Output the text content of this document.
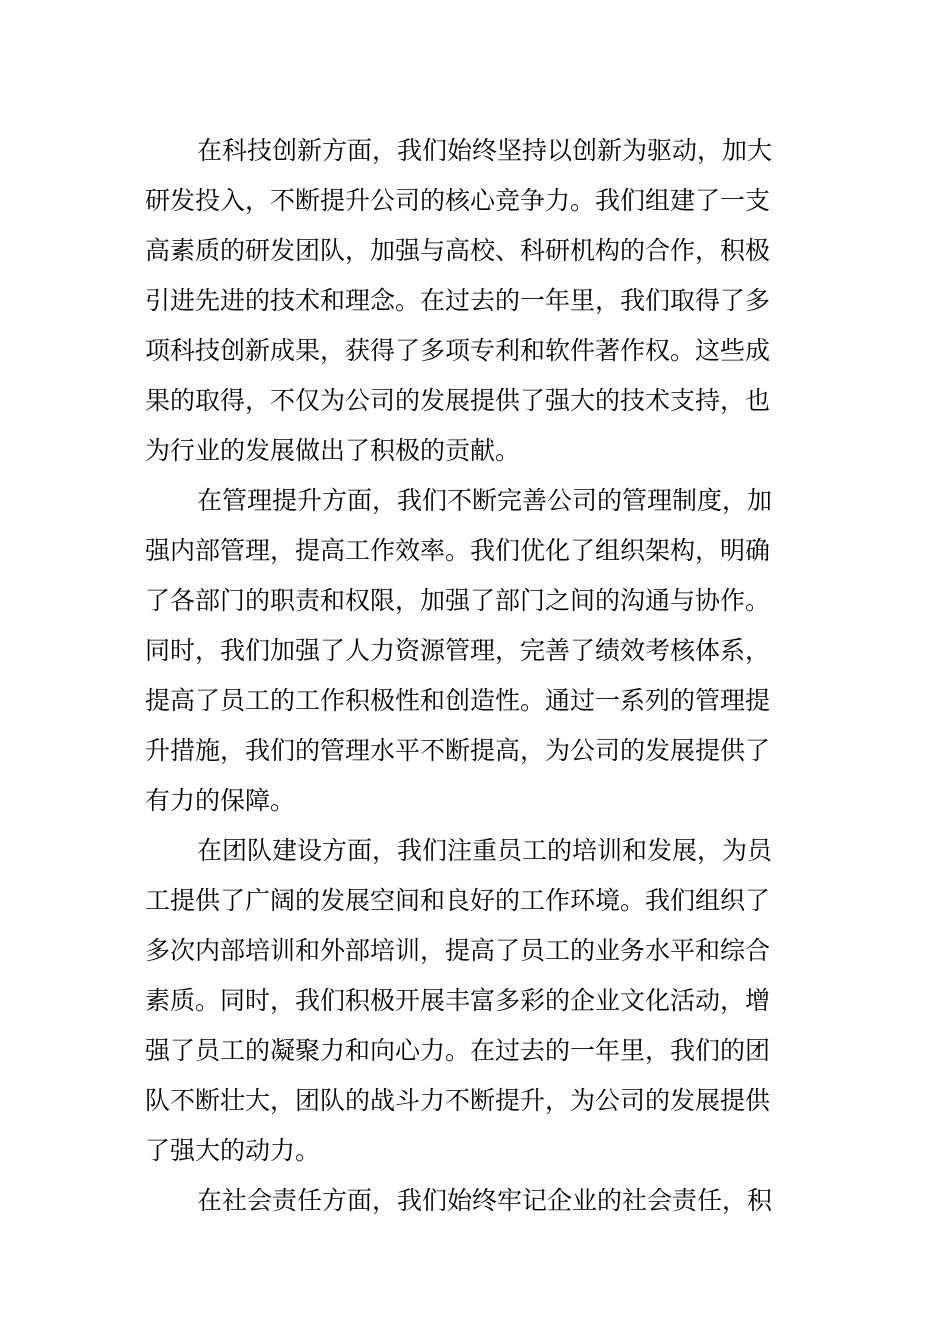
在科技创新方面，我们始终坚持以创新为驱动，加大
研发投入，不断提升公司的核心竞争力。我们组建了一支
高素质的研发团队，加强与高校、科研机构的合作，积极
引进先进的技术和理念。在过去的一年里，我们取得了多
项科技创新成果，获得了多项专利和软件著作权。这些成
果的取得，不仅为公司的发展提供了强大的技术支持，也
为行业的发展做出了积极的贡献。
在管理提升方面，我们不断完善公司的管理制度，加
强内部管理，提高工作效率。我们优化了组织架构，明确
了各部门的职责和权限，加强了部门之间的沟通与协作。
同时，我们加强了人力资源管理，完善了绩效考核体系，
提高了员工的工作积极性和创造性。通过一系列的管理提
升措施，我们的管理水平不断提高，为公司的发展提供了
有力的保障。
在团队建设方面，我们注重员工的培训和发展，为员
工提供了广阔的发展空间和良好的工作环境。我们组织了
多次内部培训和外部培训，提高了员工的业务水平和综合
素质。同时，我们积极开展丰富多彩的企业文化活动，增
强了员工的凝聚力和向心力。在过去的一年里，我们的团
队不断壮大，团队的战斗力不断提升，为公司的发展提供
了强大的动力。
在社会责任方面，我们始终牢记企业的社会责任，积
